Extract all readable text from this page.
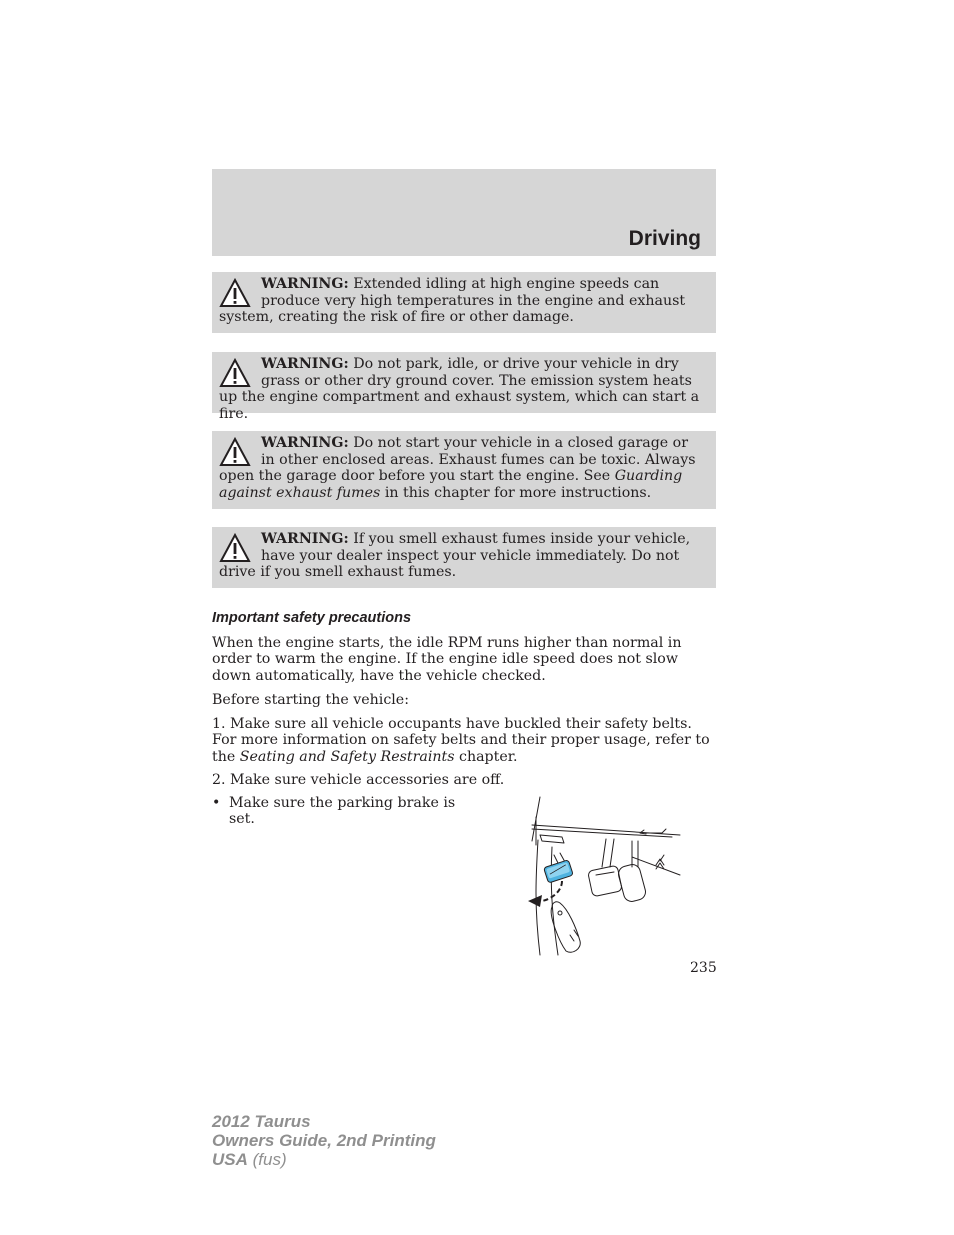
Driving
WARNING: Extended idling at high engine speeds can produce very high temperatures in the engine and exhaust system, creating the risk of fire or other damage.
WARNING: Do not park, idle, or drive your vehicle in dry grass or other dry ground cover. The emission system heats up the engine compartment and exhaust system, which can start a fire.
WARNING: Do not start your vehicle in a closed garage or in other enclosed areas. Exhaust fumes can be toxic. Always open the garage door before you start the engine. See Guarding against exhaust fumes in this chapter for more instructions.
WARNING: If you smell exhaust fumes inside your vehicle, have your dealer inspect your vehicle immediately. Do not drive if you smell exhaust fumes.
Important safety precautions
When the engine starts, the idle RPM runs higher than normal in order to warm the engine. If the engine idle speed does not slow down automatically, have the vehicle checked.
Before starting the vehicle:
1. Make sure all vehicle occupants have buckled their safety belts. For more information on safety belts and their proper usage, refer to the Seating and Safety Restraints chapter.
2. Make sure vehicle accessories are off.
• Make sure the parking brake is set.
235
2012 Taurus
Owners Guide, 2nd Printing
USA (fus)
